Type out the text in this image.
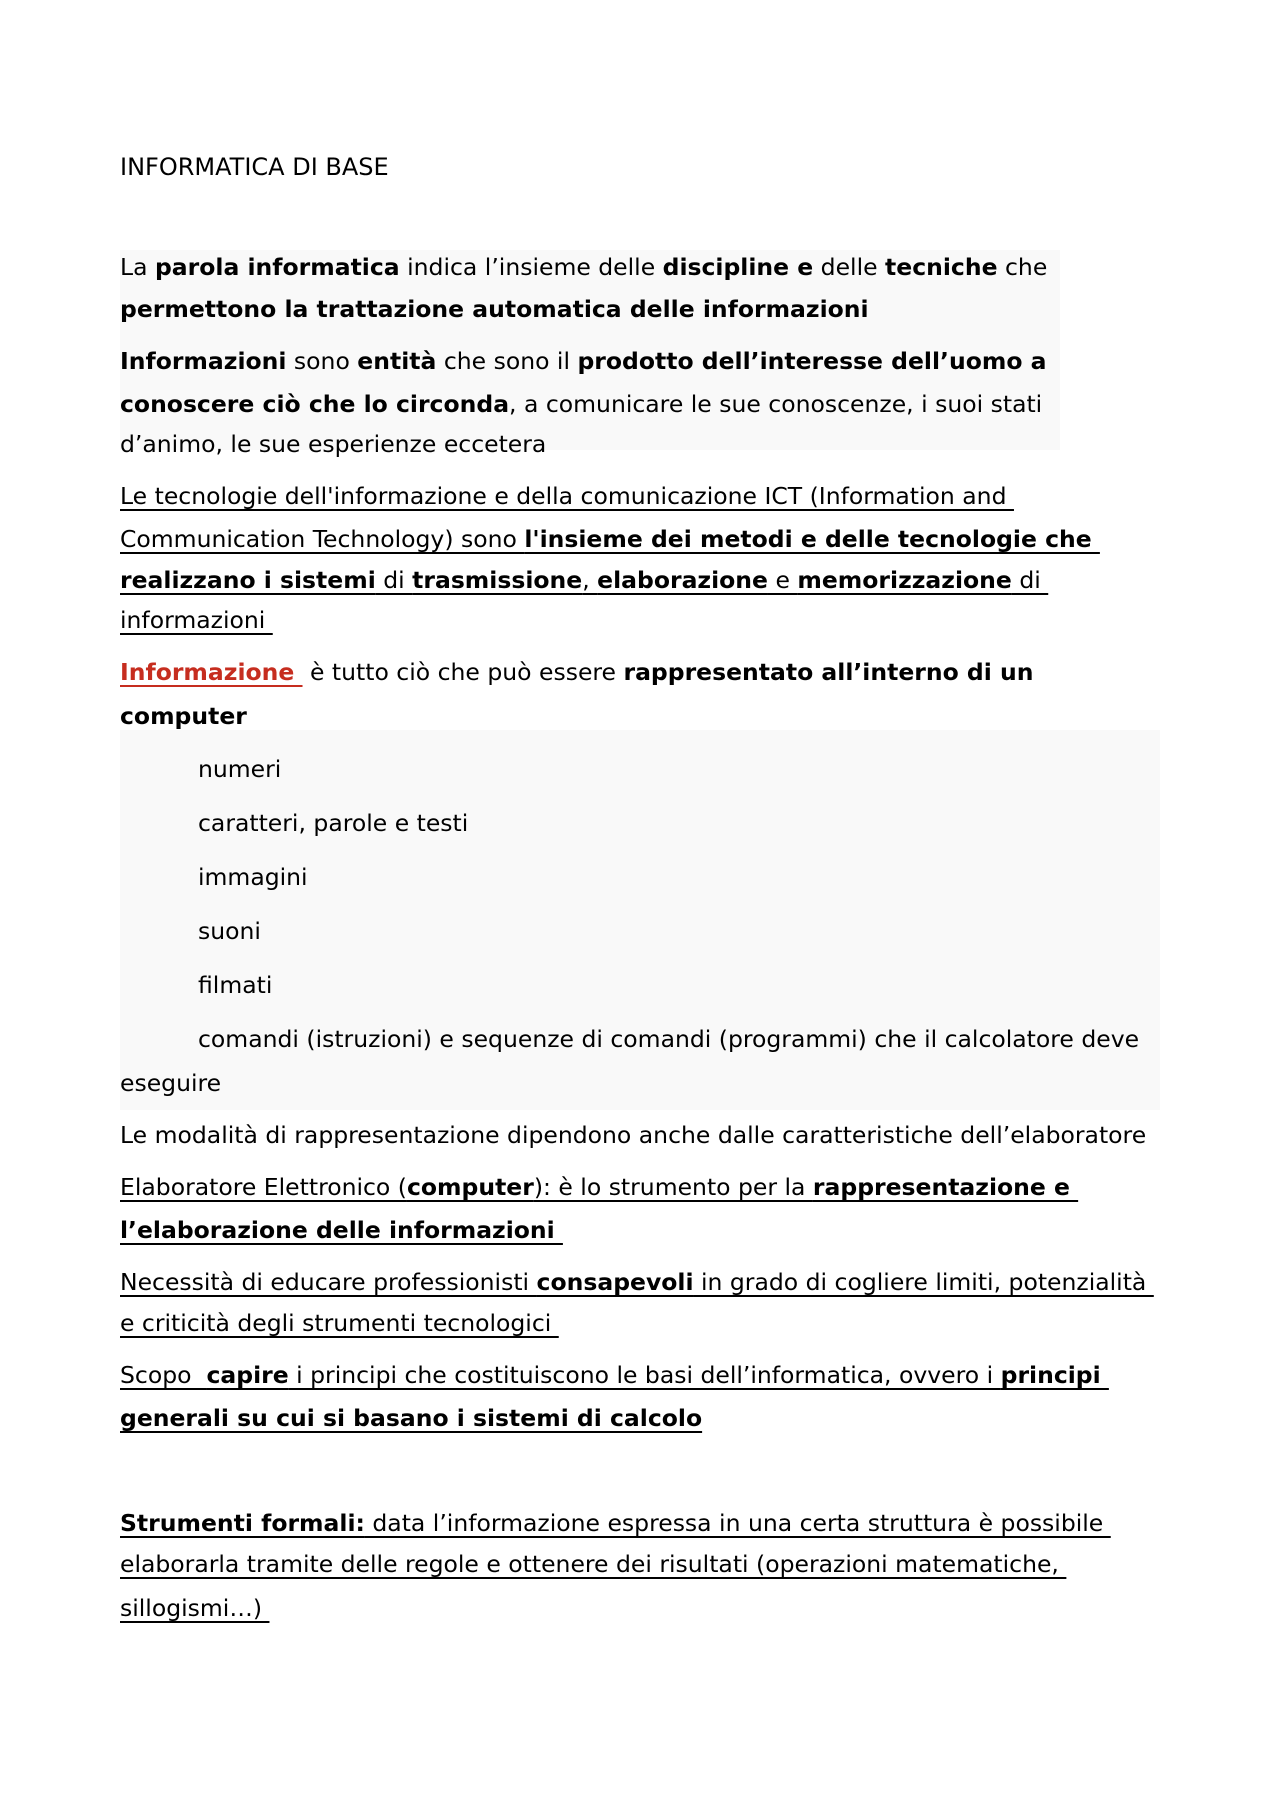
INFORMATICA DI BASE
La parola informatica indica l’insieme delle discipline e delle tecniche che
permettono la trattazione automatica delle informazioni
Informazioni sono entità che sono il prodotto dell’interesse dell’uomo a
conoscere ciò che lo circonda, a comunicare le sue conoscenze, i suoi stati
d’animo, le sue esperienze eccetera
Le tecnologie dell'informazione e della comunicazione ICT (Information and
Communication Technology) sono l'insieme dei metodi e delle tecnologie che
realizzano i sistemi di trasmissione, elaborazione e memorizzazione di
informazioni
Informazione  è tutto ciò che può essere rappresentato all’interno di un
computer
numeri
caratteri, parole e testi
immagini
suoni
filmati
comandi (istruzioni) e sequenze di comandi (programmi) che il calcolatore deve
eseguire
Le modalità di rappresentazione dipendono anche dalle caratteristiche dell’elaboratore
Elaboratore Elettronico (computer): è lo strumento per la rappresentazione e
l’elaborazione delle informazioni
Necessità di educare professionisti consapevoli in grado di cogliere limiti, potenzialità
e criticità degli strumenti tecnologici
Scopo  capire i principi che costituiscono le basi dell’informatica, ovvero i principi
generali su cui si basano i sistemi di calcolo
Strumenti formali: data l’informazione espressa in una certa struttura è possibile
elaborarla tramite delle regole e ottenere dei risultati (operazioni matematiche,
sillogismi…)
